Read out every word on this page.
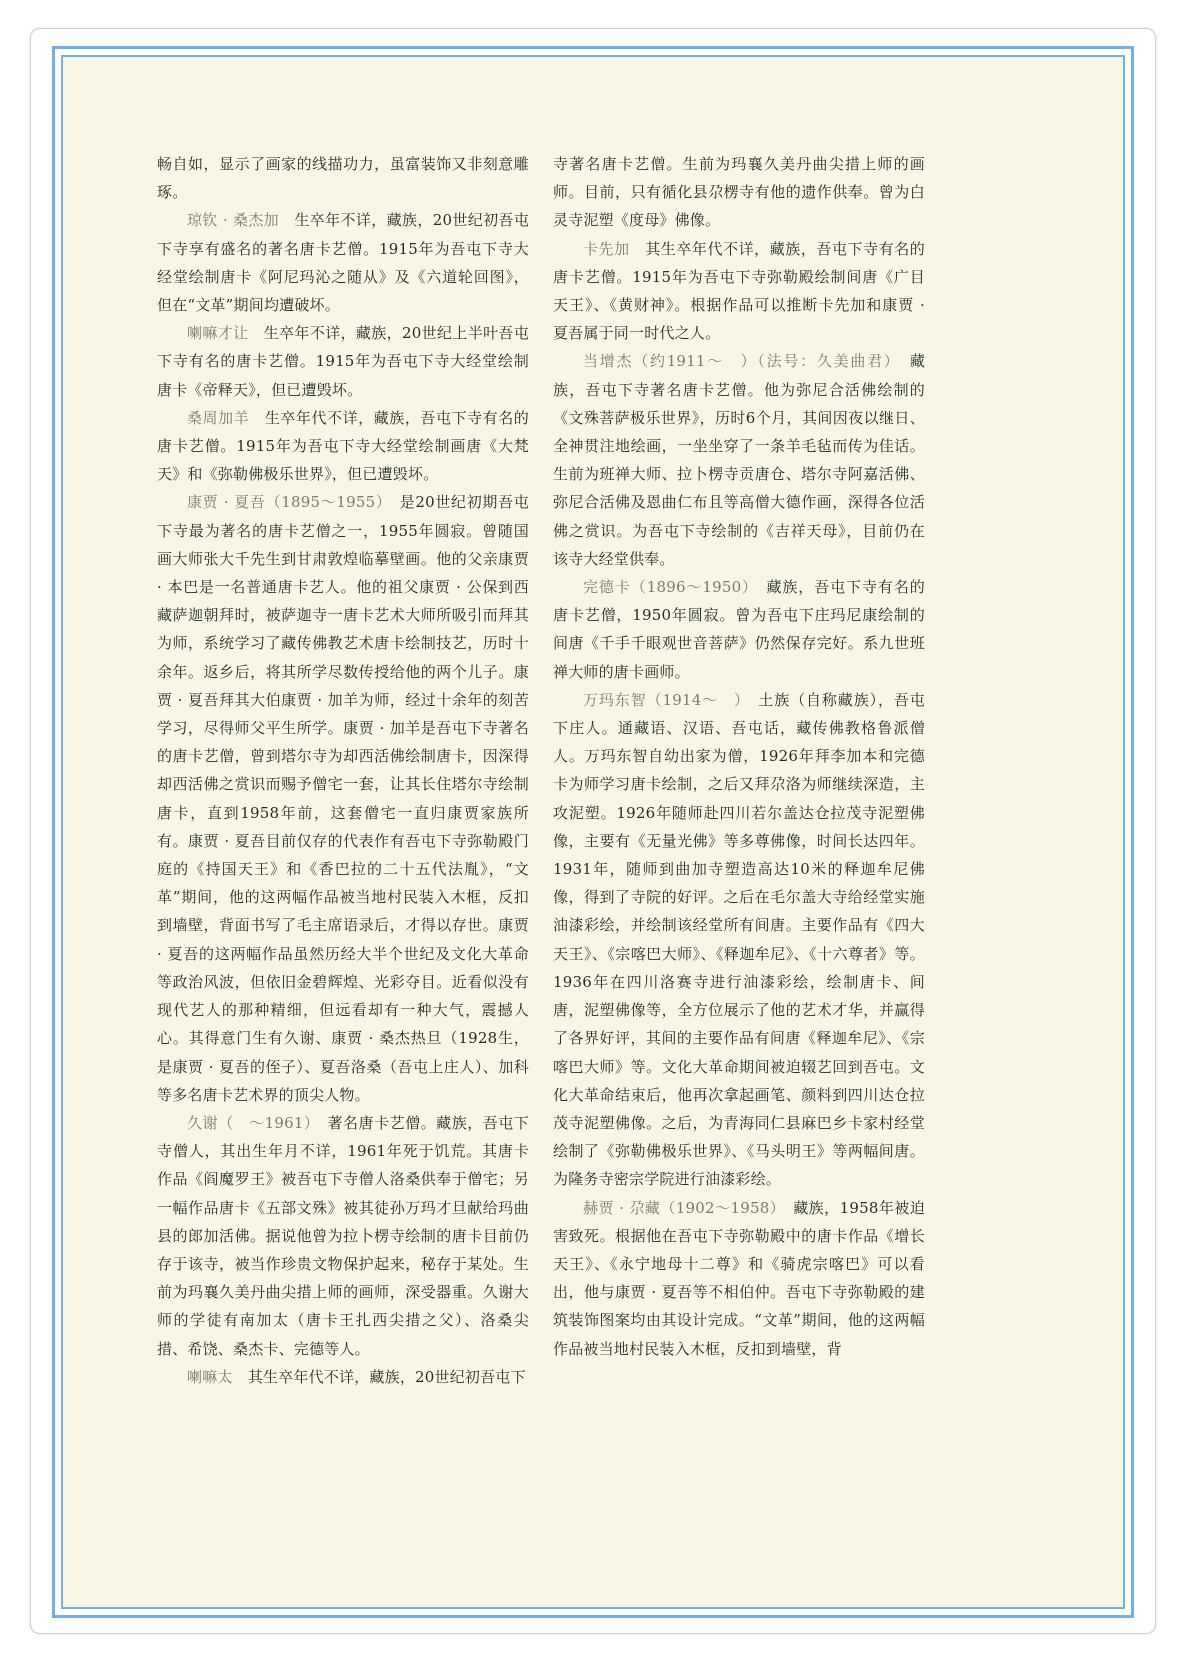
畅自如，显示了画家的线描功力，虽富装饰又非刻意雕琢。

琼钦 · 桑杰加　 生卒年不详，藏族，20世纪初吾屯下寺享有盛名的著名唐卡艺僧。1915年为吾屯下寺大经堂绘制唐卡《阿尼玛沁之随从》及《六道轮回图》，但在“文革”期间均遭破坏。

喇嘛才让　 生卒年不详，藏族，20世纪上半叶吾屯下寺有名的唐卡艺僧。1915年为吾屯下寺大经堂绘制唐卡《帝释天》，但已遭毁坏。

桑周加羊　 生卒年代不详，藏族，吾屯下寺有名的唐卡艺僧。1915年为吾屯下寺大经堂绘制画唐《大梵天》和《弥勒佛极乐世界》，但已遭毁坏。

康贾 · 夏吾（1895～1955）　 是20世纪初期吾屯下寺最为著名的唐卡艺僧之一，1955年圆寂。曾随国画大师张大千先生到甘肃敦煌临摹壁画。他的父亲康贾 · 本巴是一名普通唐卡艺人。他的祖父康贾 · 公保到西藏萨迦朝拜时，被萨迦寺一唐卡艺术大师所吸引而拜其为师，系统学习了藏传佛教艺术唐卡绘制技艺，历时十余年。返乡后，将其所学尽数传授给他的两个儿子。康贾 · 夏吾拜其大伯康贾 · 加羊为师，经过十余年的刻苦学习，尽得师父平生所学。康贾 · 加羊是吾屯下寺著名的唐卡艺僧，曾到塔尔寺为却西活佛绘制唐卡，因深得却西活佛之赏识而赐予僧宅一套，让其长住塔尔寺绘制唐卡，直到1958年前，这套僧宅一直归康贾家族所有。康贾 · 夏吾目前仅存的代表作有吾屯下寺弥勒殿门庭的《持国天王》和《香巴拉的二十五代法胤》，“文革”期间，他的这两幅作品被当地村民装入木框，反扣到墙壁，背面书写了毛主席语录后，才得以存世。康贾 · 夏吾的这两幅作品虽然历经大半个世纪及文化大革命等政治风波，但依旧金碧辉煌、光彩夺目。近看似没有现代艺人的那种精细，但远看却有一种大气，震撼人心。其得意门生有久谢、康贾 · 桑杰热旦（1928生，是康贾 · 夏吾的侄子）、夏吾洛桑（吾屯上庄人）、加科等多名唐卡艺术界的顶尖人物。

久谢（　～1961）　 著名唐卡艺僧。藏族，吾屯下寺僧人，其出生年月不详，1961年死于饥荒。其唐卡作品《阎魔罗王》被吾屯下寺僧人洛桑供奉于僧宅；另一幅作品唐卡《五部文殊》被其徒孙万玛才旦献给玛曲县的郎加活佛。据说他曾为拉卜楞寺绘制的唐卡目前仍存于该寺，被当作珍贵文物保护起来，秘存于某处。生前为玛襄久美丹曲尖措上师的画师，深受器重。久谢大师的学徒有南加太（唐卡王扎西尖措之父）、洛桑尖措、希饶、桑杰卡、完德等人。

喇嘛太　 其生卒年代不详，藏族，20世纪初吾屯下

寺著名唐卡艺僧。生前为玛襄久美丹曲尖措上师的画师。目前，只有循化县尕楞寺有他的遗作供奉。曾为白灵寺泥塑《度母》佛像。

卡先加　 其生卒年代不详，藏族，吾屯下寺有名的唐卡艺僧。1915年为吾屯下寺弥勒殿绘制间唐《广目天王》、《黄财神》。根据作品可以推断卡先加和康贾 · 夏吾属于同一时代之人。

当增杰（约1911～　）（法号：久美曲君）　 藏族，吾屯下寺著名唐卡艺僧。他为弥尼合活佛绘制的《文殊菩萨极乐世界》，历时6个月，其间因夜以继日、全神贯注地绘画，一坐坐穿了一条羊毛毡而传为佳话。生前为班禅大师、拉卜楞寺贡唐仓、塔尔寺阿嘉活佛、弥尼合活佛及恩曲仁布且等高僧大德作画，深得各位活佛之赏识。为吾屯下寺绘制的《吉祥天母》，目前仍在该寺大经堂供奉。

完德卡（1896～1950）　 藏族，吾屯下寺有名的唐卡艺僧，1950年圆寂。曾为吾屯下庄玛尼康绘制的间唐《千手千眼观世音菩萨》仍然保存完好。系九世班禅大师的唐卡画师。

万玛东智（1914～　）　 土族（自称藏族），吾屯下庄人。通藏语、汉语、吾屯话，藏传佛教格鲁派僧人。万玛东智自幼出家为僧，1926年拜李加本和完德卡为师学习唐卡绘制，之后又拜尕洛为师继续深造，主攻泥塑。1926年随师赴四川若尔盖达仓拉茂寺泥塑佛像，主要有《无量光佛》等多尊佛像，时间长达四年。1931年，随师到曲加寺塑造高达10米的释迦牟尼佛像，得到了寺院的好评。之后在毛尔盖大寺给经堂实施油漆彩绘，并绘制该经堂所有间唐。主要作品有《四大天王》、《宗喀巴大师》、《释迦牟尼》、《十六尊者》等。1936年在四川洛赛寺进行油漆彩绘，绘制唐卡、间唐，泥塑佛像等，全方位展示了他的艺术才华，并赢得了各界好评，其间的主要作品有间唐《释迦牟尼》、《宗喀巴大师》等。文化大革命期间被迫辍艺回到吾屯。文化大革命结束后，他再次拿起画笔、颜料到四川达仓拉茂寺泥塑佛像。之后，为青海同仁县麻巴乡卡家村经堂绘制了《弥勒佛极乐世界》、《马头明王》等两幅间唐。为隆务寺密宗学院进行油漆彩绘。

赫贾 · 尕藏（1902～1958）　 藏族，1958年被迫害致死。根据他在吾屯下寺弥勒殿中的唐卡作品《增长天王》、《永宁地母十二尊》和《骑虎宗喀巴》可以看出，他与康贾 · 夏吾等不相伯仲。吾屯下寺弥勒殿的建筑装饰图案均由其设计完成。“文革”期间，他的这两幅作品被当地村民装入木框，反扣到墙壁，背
